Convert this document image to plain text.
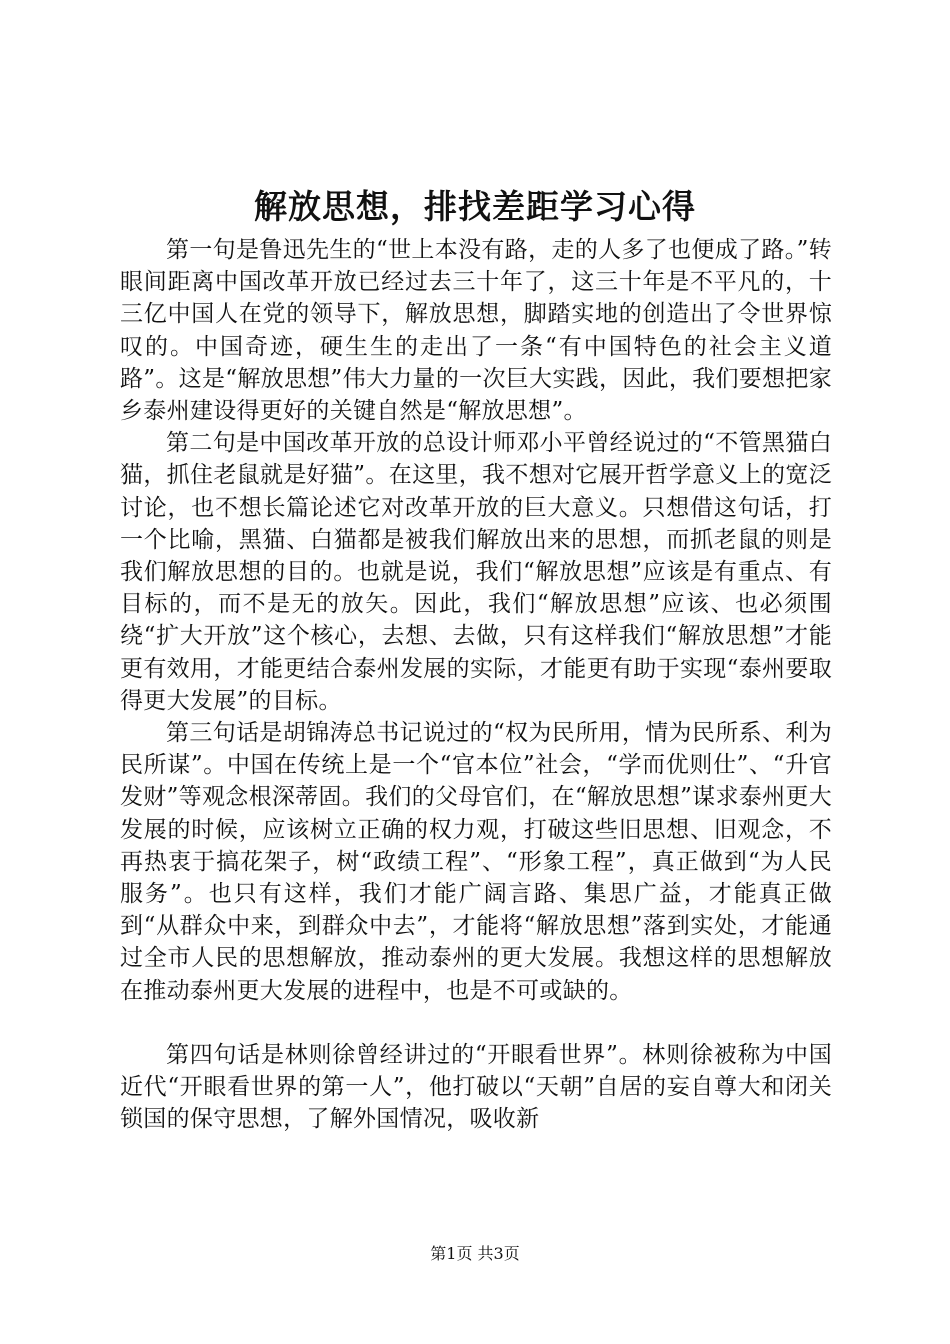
解放思想，排找差距学习心得

第一句是鲁迅先生的“世上本没有路，走的人多了也便成了路。”转眼间距离中国改革开放已经过去三十年了，这三十年是不平凡的，十三亿中国人在党的领导下，解放思想，脚踏实地的创造出了令世界惊叹的。中国奇迹，硬生生的走出了一条“有中国特色的社会主义道路”。这是“解放思想”伟大力量的一次巨大实践，因此，我们要想把家乡泰州建设得更好的关键自然是“解放思想”。

第二句是中国改革开放的总设计师邓小平曾经说过的“不管黑猫白猫，抓住老鼠就是好猫”。在这里，我不想对它展开哲学意义上的宽泛讨论，也不想长篇论述它对改革开放的巨大意义。只想借这句话，打一个比喻，黑猫、白猫都是被我们解放出来的思想，而抓老鼠的则是我们解放思想的目的。也就是说，我们“解放思想”应该是有重点、有目标的，而不是无的放矢。因此，我们“解放思想”应该、也必须围绕“扩大开放”这个核心，去想、去做，只有这样我们“解放思想”才能更有效用，才能更结合泰州发展的实际，才能更有助于实现“泰州要取得更大发展”的目标。

第三句话是胡锦涛总书记说过的“权为民所用，情为民所系、利为民所谋”。中国在传统上是一个“官本位”社会，“学而优则仕”、“升官发财”等观念根深蒂固。我们的父母官们，在“解放思想”谋求泰州更大发展的时候，应该树立正确的权力观，打破这些旧思想、旧观念，不再热衷于搞花架子，树“政绩工程”、“形象工程”，真正做到“为人民服务”。也只有这样，我们才能广阔言路、集思广益，才能真正做到“从群众中来，到群众中去”，才能将“解放思想”落到实处，才能通过全市人民的思想解放，推动泰州的更大发展。我想这样的思想解放在推动泰州更大发展的进程中，也是不可或缺的。

第四句话是林则徐曾经讲过的“开眼看世界”。林则徐被称为中国近代“开眼看世界的第一人”，他打破以“天朝”自居的妄自尊大和闭关锁国的保守思想，了解外国情况，吸收新

第1页 共3页
